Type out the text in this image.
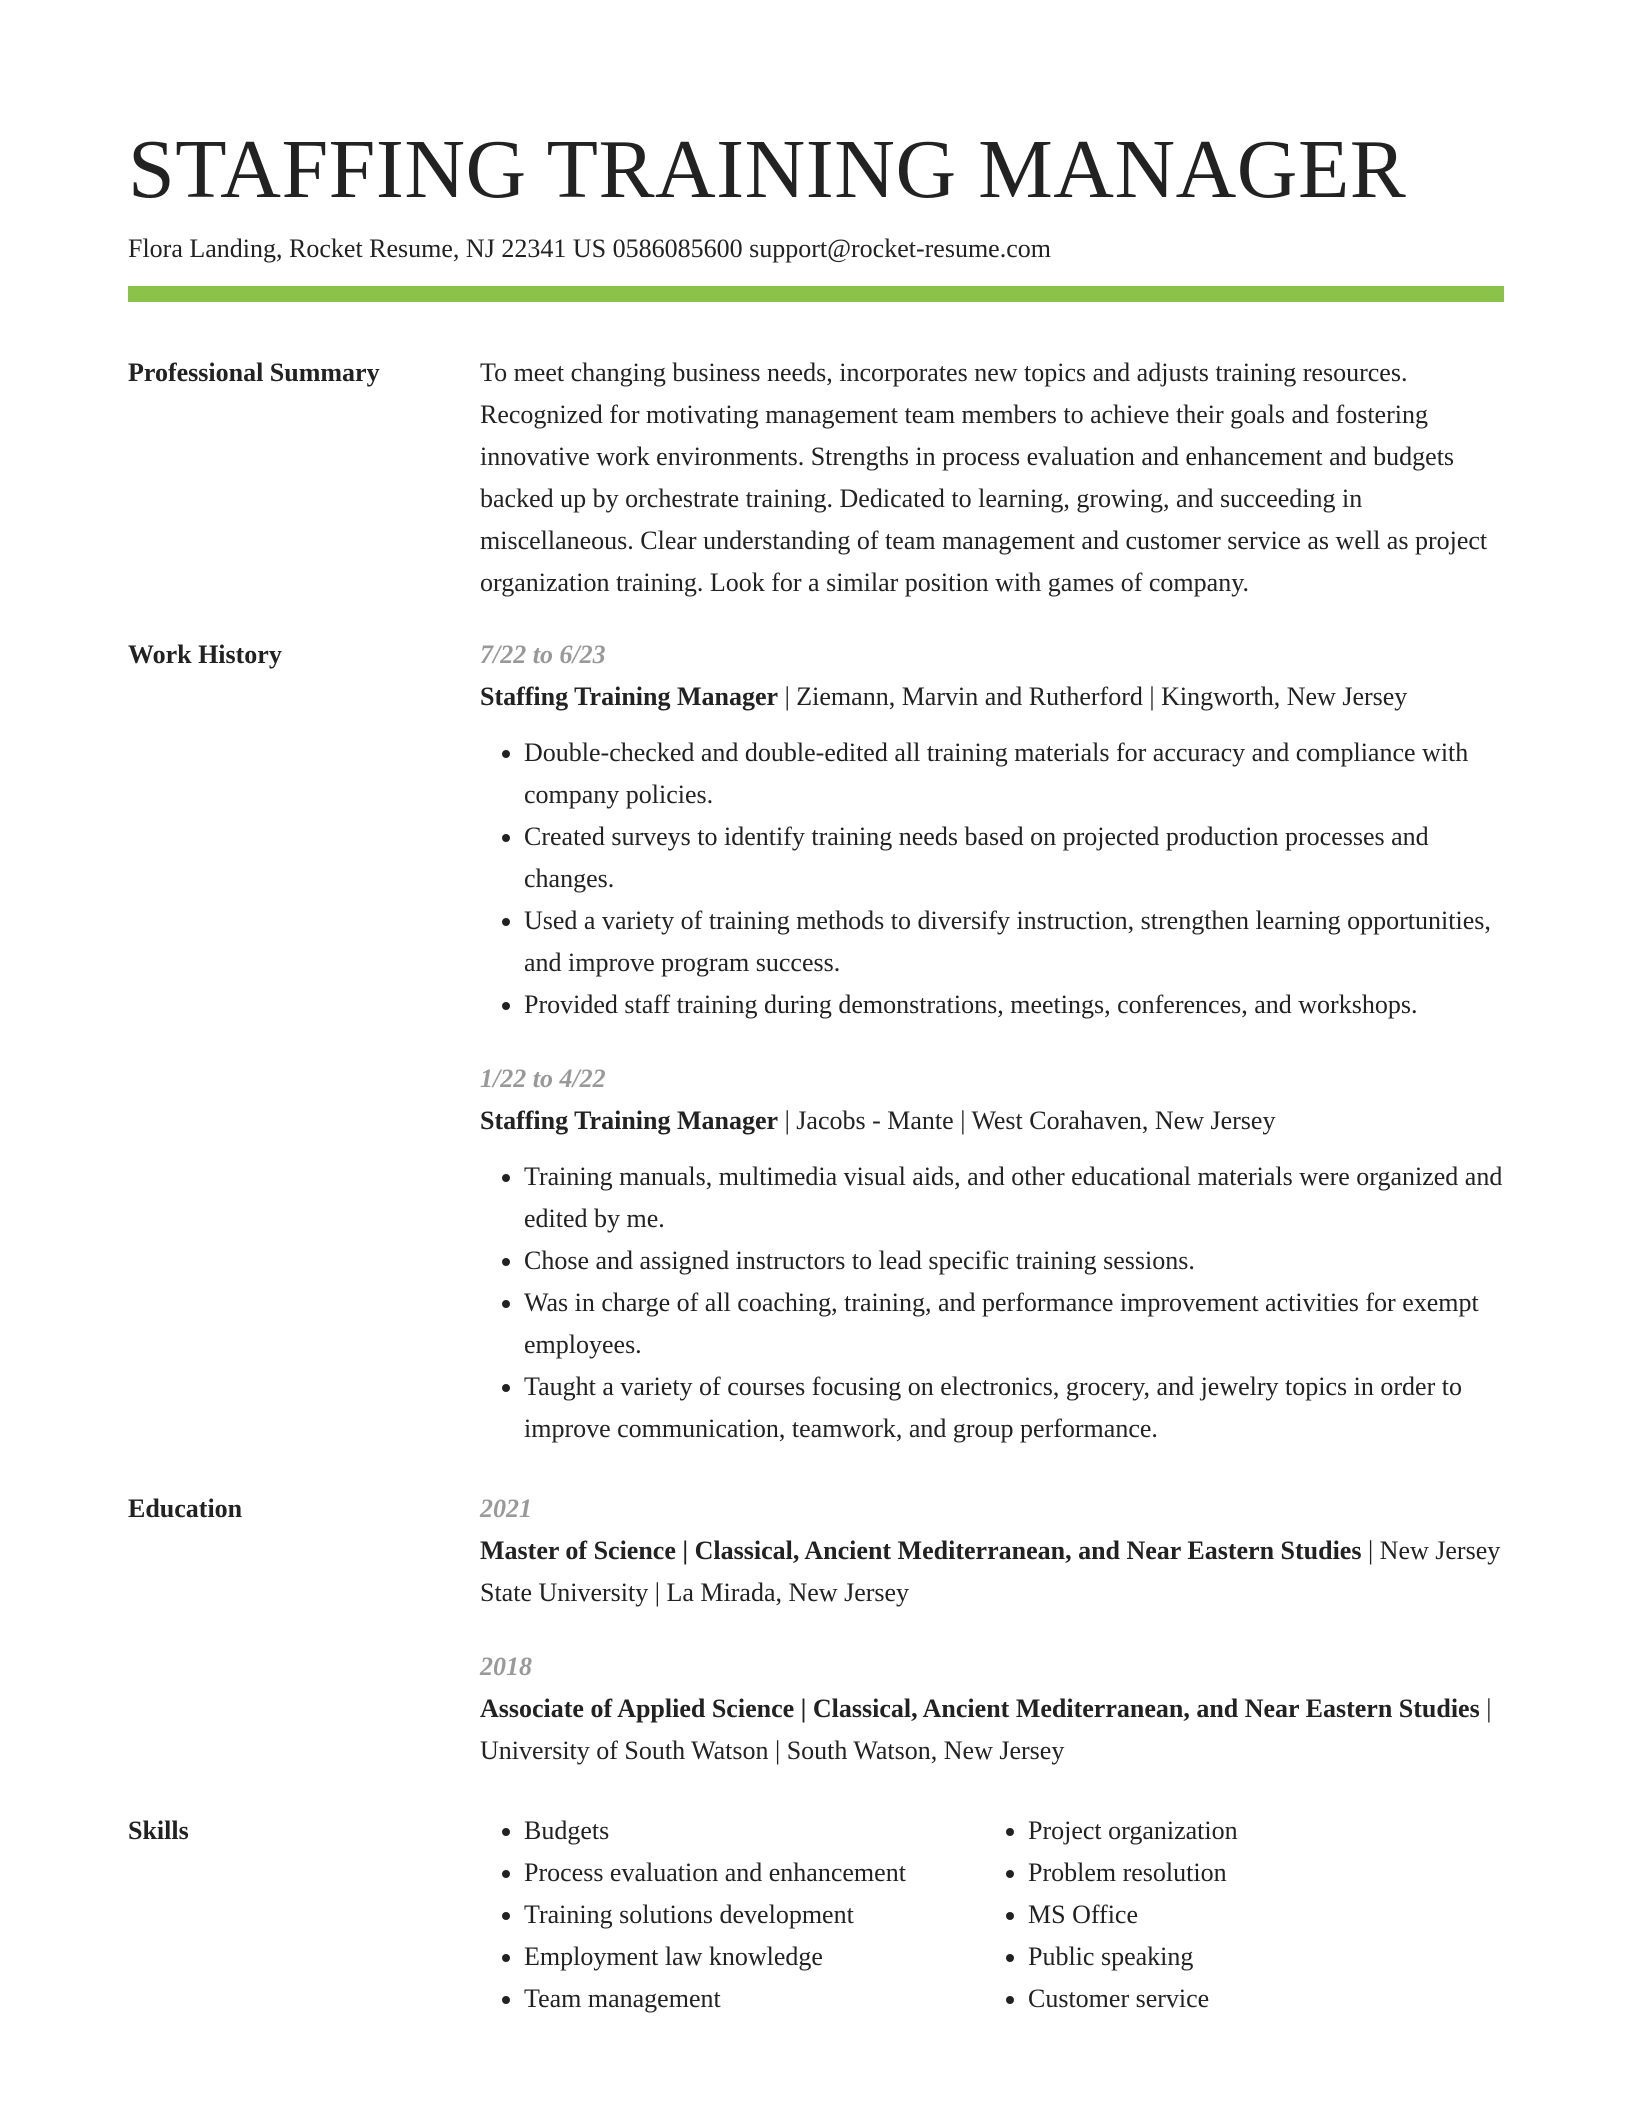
STAFFING TRAINING MANAGER
Flora Landing, Rocket Resume, NJ 22341 US 0586085600 support@rocket-resume.com
Professional Summary	To meet changing business needs, incorporates new topics and adjusts training resources. Recognized for motivating management team members to achieve their goals and fostering innovative work environments. Strengths in process evaluation and enhancement and budgets backed up by orchestrate training. Dedicated to learning, growing, and succeeding in miscellaneous. Clear understanding of team management and customer service as well as project organization training. Look for a similar position with games of company.
Work History	7/22 to 6/23
Staffing Training Manager | Ziemann, Marvin and Rutherford | Kingworth, New Jersey
• Double-checked and double-edited all training materials for accuracy and compliance with company policies.
• Created surveys to identify training needs based on projected production processes and changes.
• Used a variety of training methods to diversify instruction, strengthen learning opportunities, and improve program success.
• Provided staff training during demonstrations, meetings, conferences, and workshops.
1/22 to 4/22
Staffing Training Manager | Jacobs - Mante | West Corahaven, New Jersey
• Training manuals, multimedia visual aids, and other educational materials were organized and edited by me.
• Chose and assigned instructors to lead specific training sessions.
• Was in charge of all coaching, training, and performance improvement activities for exempt employees.
• Taught a variety of courses focusing on electronics, grocery, and jewelry topics in order to improve communication, teamwork, and group performance.
Education	2021
Master of Science | Classical, Ancient Mediterranean, and Near Eastern Studies | New Jersey State University | La Mirada, New Jersey
2018
Associate of Applied Science | Classical, Ancient Mediterranean, and Near Eastern Studies| University of South Watson | South Watson, New Jersey
Skills	• Budgets
• Process evaluation and enhancement
• Training solutions development
• Employment law knowledge
• Team management
• Project organization
• Problem resolution
• MS Office
• Public speaking
• Customer service
